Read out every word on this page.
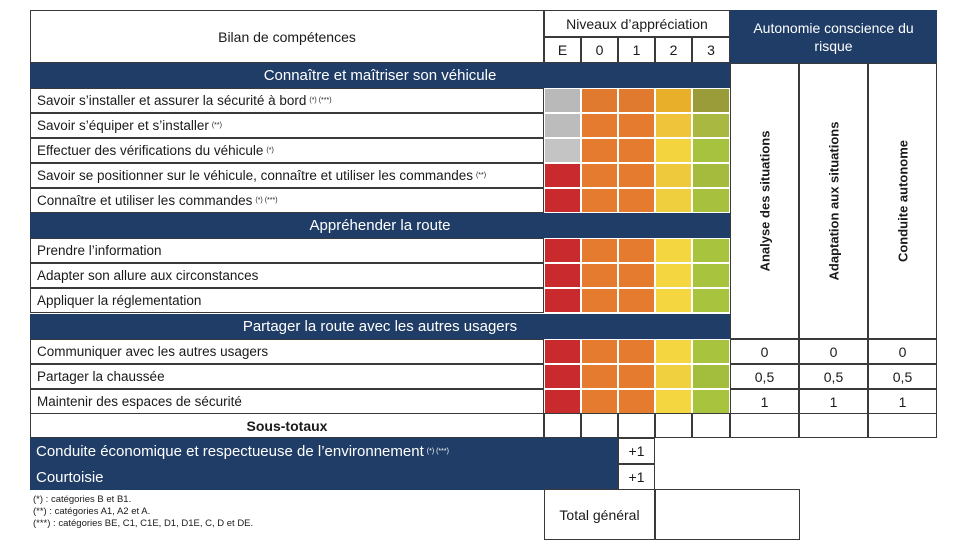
Bilan de compétences
Niveaux d’appréciation
E 0 1 2 3
Autonomie conscience du risque
Analyse des situations	Adaptation aux situations	Conduite autonome
Connaître et maîtriser son véhicule
Savoir s’installer et assurer la sécurité à bord (*) (***)
Savoir s’équiper et s’installer (**)
Effectuer des vérifications du véhicule (*)
Savoir se positionner sur le véhicule, connaître et utiliser les commandes (**)
Connaître et utiliser les commandes (*) (***)
Appréhender la route
Prendre l’information
Adapter son allure aux circonstances
Appliquer la réglementation
Partager la route avec les autres usagers
Communiquer avec les autres usagers	0	0	0
Partager la chaussée	0,5	0,5	0,5
Maintenir des espaces de sécurité	1	1	1
Sous-totaux
Conduite économique et respectueuse de l’environnement (*) (***)	+1
Courtoisie	+1
(*) : catégories B et B1.
(**) : catégories A1, A2 et A.
(***) : catégories BE, C1, C1E, D1, D1E, C, D et DE.
Total général
